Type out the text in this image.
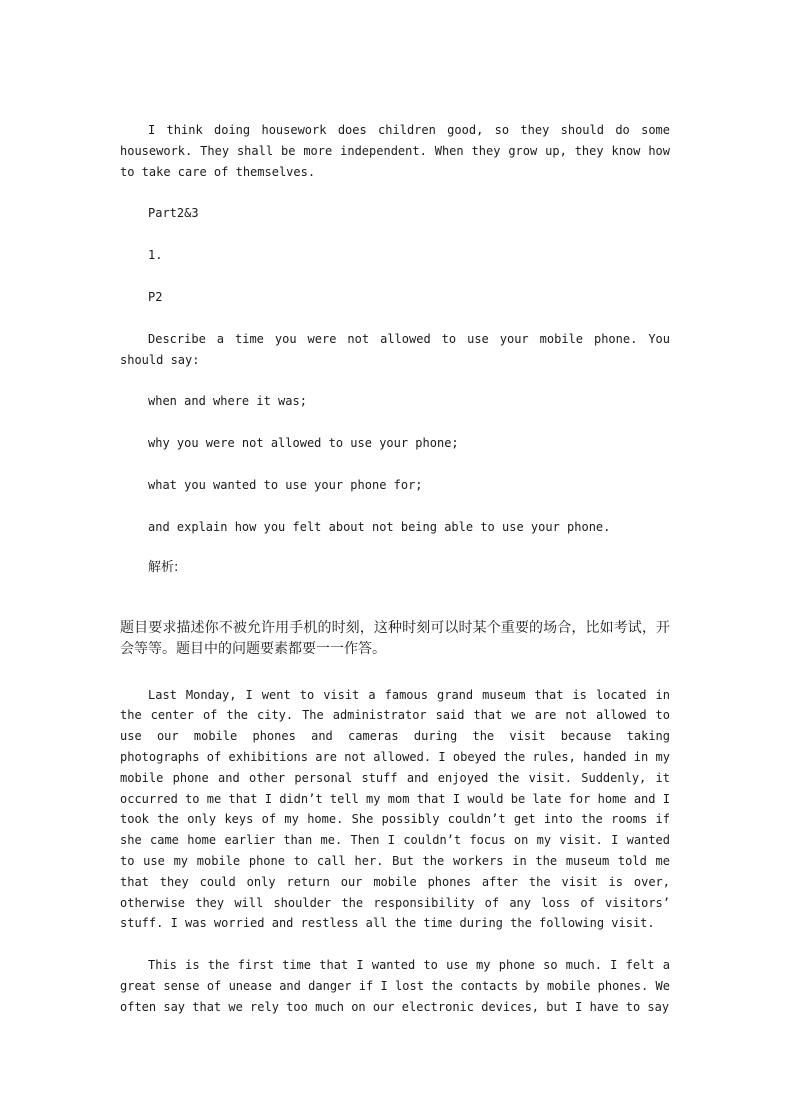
I think doing housework does children good, so they should do some housework. They shall be more independent. When they grow up, they know how to take care of themselves.

Part2&3

1.

P2

Describe a time you were not allowed to use your mobile phone. You should say:

when and where it was;

why you were not allowed to use your phone;

what you wanted to use your phone for;

and explain how you felt about not being able to use your phone.

解析:

题目要求描述你不被允许用手机的时刻，这种时刻可以时某个重要的场合，比如考试，开会等等。题目中的问题要素都要一一作答。

Last Monday, I went to visit a famous grand museum that is located in the center of the city. The administrator said that we are not allowed to use our mobile phones and cameras during the visit because taking photographs of exhibitions are not allowed. I obeyed the rules, handed in my mobile phone and other personal stuff and enjoyed the visit. Suddenly, it occurred to me that I didn’t tell my mom that I would be late for home and I took the only keys of my home. She possibly couldn’t get into the rooms if she came home earlier than me. Then I couldn’t focus on my visit. I wanted to use my mobile phone to call her. But the workers in the museum told me that they could only return our mobile phones after the visit is over, otherwise they will shoulder the responsibility of any loss of visitors’ stuff. I was worried and restless all the time during the following visit.

This is the first time that I wanted to use my phone so much. I felt a great sense of unease and danger if I lost the contacts by mobile phones. We often say that we rely too much on our electronic devices, but I have to say
